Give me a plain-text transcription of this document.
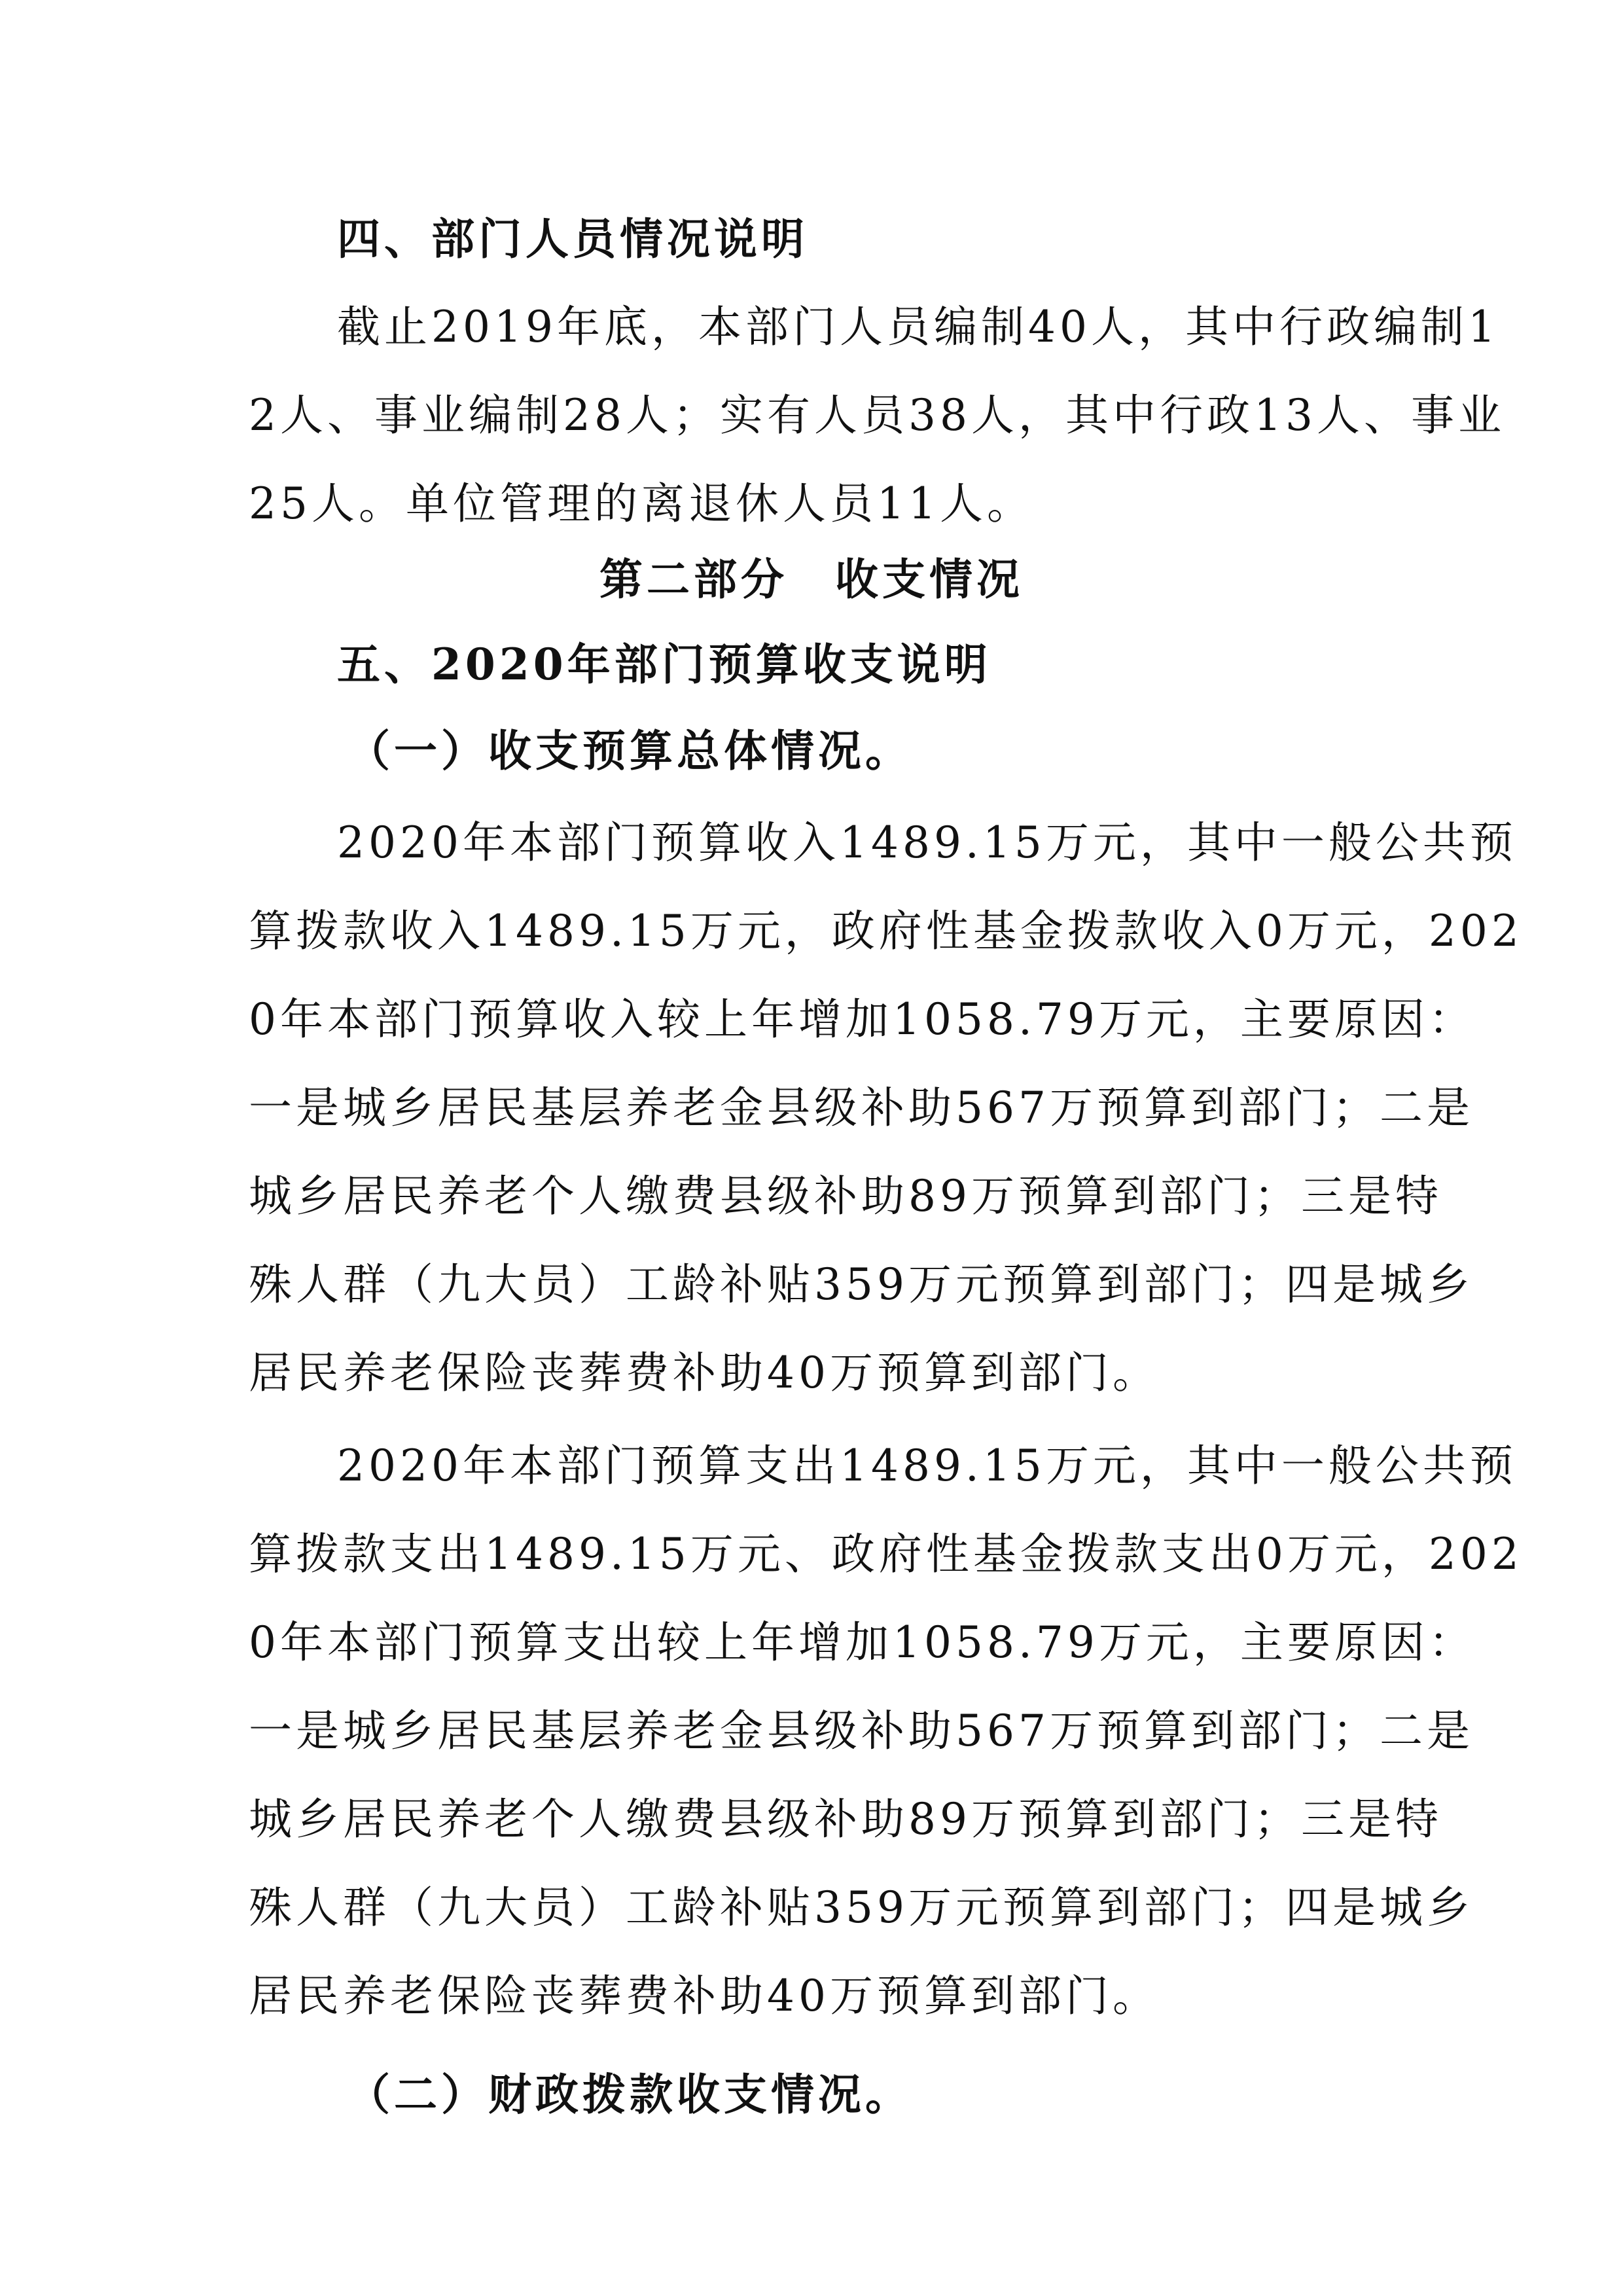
四、部门人员情况说明
截止2019年底，本部门人员编制40人，其中行政编制1
2人、事业编制28人；实有人员38人，其中行政13人、事业
25人。单位管理的离退休人员11人。
第二部分　收支情况
五、2020年部门预算收支说明
（一）收支预算总体情况。
2020年本部门预算收入1489.15万元，其中一般公共预
算拨款收入1489.15万元，政府性基金拨款收入0万元，202
0年本部门预算收入较上年增加1058.79万元，主要原因：
一是城乡居民基层养老金县级补助567万预算到部门；二是
城乡居民养老个人缴费县级补助89万预算到部门；三是特
殊人群（九大员）工龄补贴359万元预算到部门；四是城乡
居民养老保险丧葬费补助40万预算到部门。
2020年本部门预算支出1489.15万元，其中一般公共预
算拨款支出1489.15万元、政府性基金拨款支出0万元，202
0年本部门预算支出较上年增加1058.79万元，主要原因：
一是城乡居民基层养老金县级补助567万预算到部门；二是
城乡居民养老个人缴费县级补助89万预算到部门；三是特
殊人群（九大员）工龄补贴359万元预算到部门；四是城乡
居民养老保险丧葬费补助40万预算到部门。
（二）财政拨款收支情况。
